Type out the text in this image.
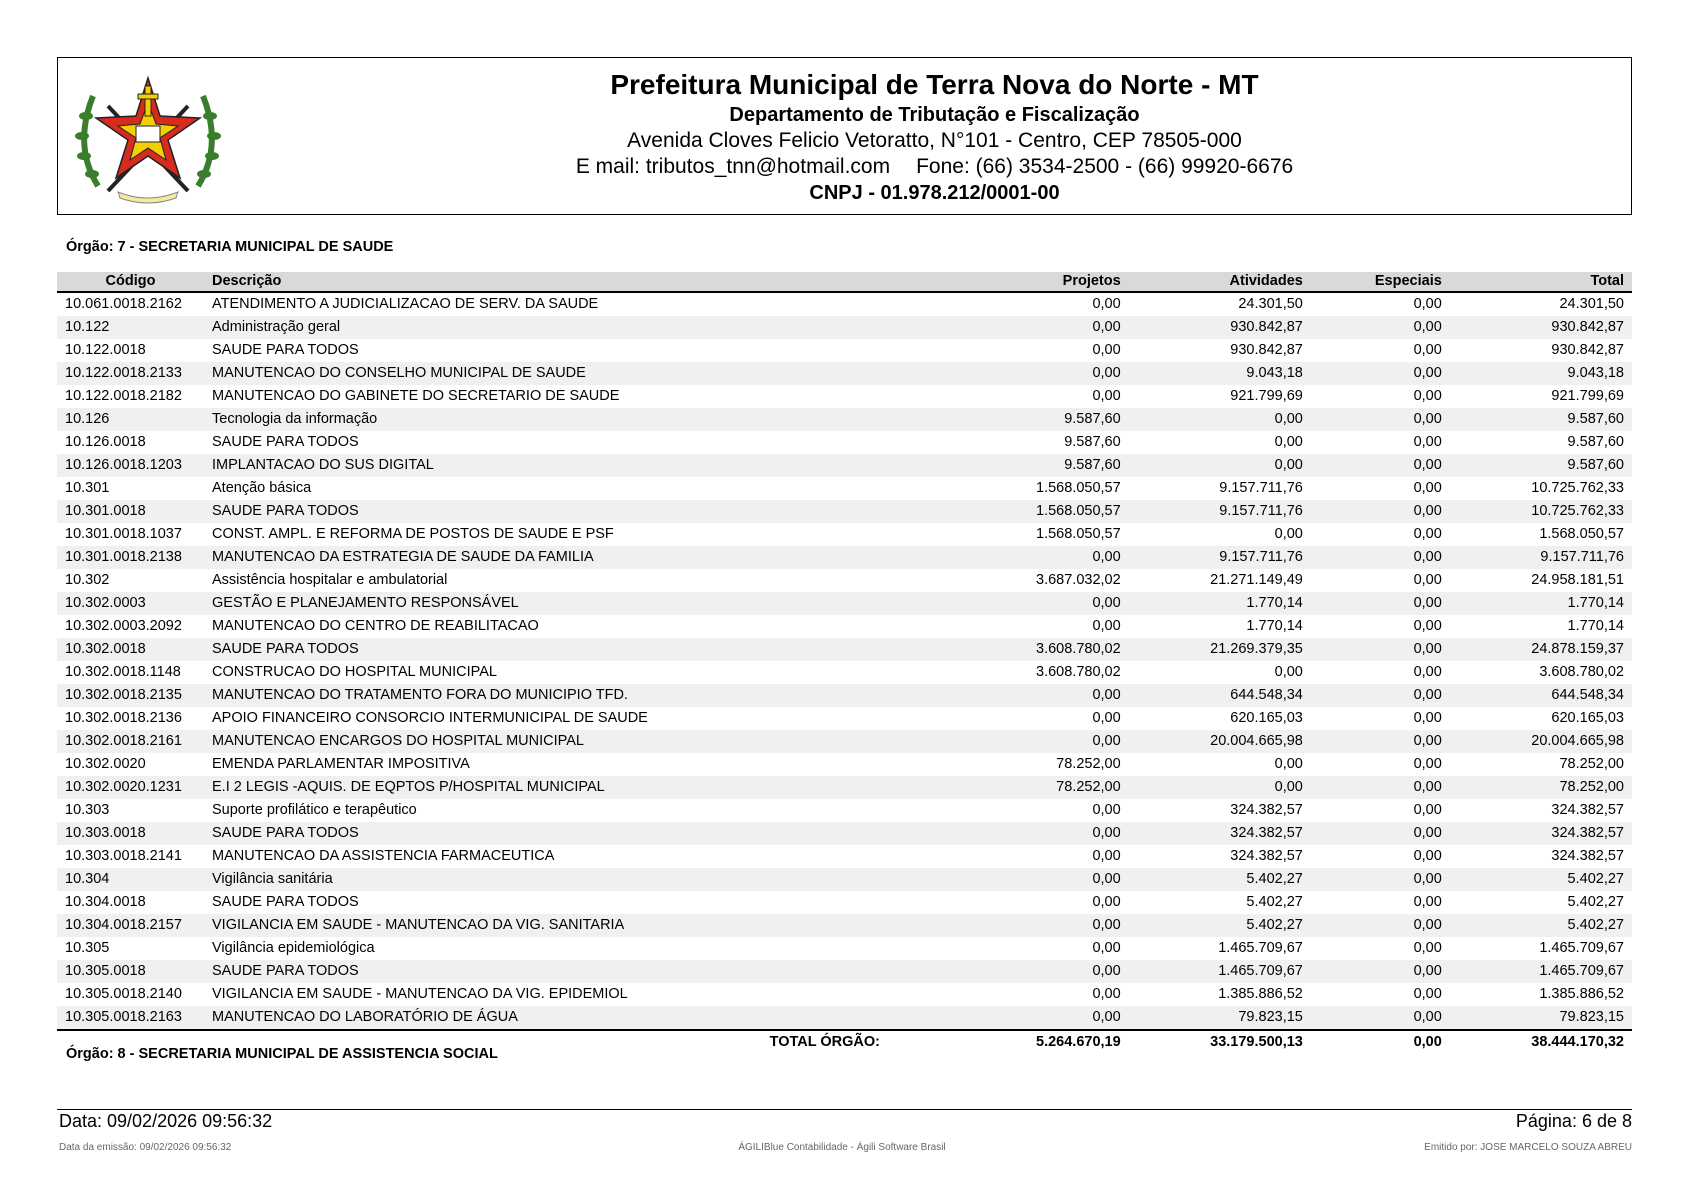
Prefeitura Municipal de Terra Nova do Norte - MT
Departamento de Tributação e Fiscalização
Avenida Cloves Felicio Vetoratto, N°101 - Centro, CEP 78505-000
E mail: tributos_tnn@hotmail.com Fone: (66) 3534-2500 - (66) 99920-6676
CNPJ - 01.978.212/0001-00
Órgão: 7 - SECRETARIA MUNICIPAL DE SAUDE
Código	Descrição	Projetos	Atividades	Especiais	Total
10.061.0018.2162	ATENDIMENTO A JUDICIALIZACAO DE SERV. DA SAUDE	0,00	24.301,50	0,00	24.301,50
10.122	Administração geral	0,00	930.842,87	0,00	930.842,87
10.122.0018	SAUDE PARA TODOS	0,00	930.842,87	0,00	930.842,87
10.122.0018.2133	MANUTENCAO DO CONSELHO MUNICIPAL DE SAUDE	0,00	9.043,18	0,00	9.043,18
10.122.0018.2182	MANUTENCAO DO GABINETE DO SECRETARIO DE SAUDE	0,00	921.799,69	0,00	921.799,69
10.126	Tecnologia da informação	9.587,60	0,00	0,00	9.587,60
10.126.0018	SAUDE PARA TODOS	9.587,60	0,00	0,00	9.587,60
10.126.0018.1203	IMPLANTACAO DO SUS DIGITAL	9.587,60	0,00	0,00	9.587,60
10.301	Atenção básica	1.568.050,57	9.157.711,76	0,00	10.725.762,33
10.301.0018	SAUDE PARA TODOS	1.568.050,57	9.157.711,76	0,00	10.725.762,33
10.301.0018.1037	CONST. AMPL. E REFORMA DE POSTOS DE SAUDE E PSF	1.568.050,57	0,00	0,00	1.568.050,57
10.301.0018.2138	MANUTENCAO DA ESTRATEGIA DE SAUDE DA FAMILIA	0,00	9.157.711,76	0,00	9.157.711,76
10.302	Assistência hospitalar e ambulatorial	3.687.032,02	21.271.149,49	0,00	24.958.181,51
10.302.0003	GESTÃO E PLANEJAMENTO RESPONSÁVEL	0,00	1.770,14	0,00	1.770,14
10.302.0003.2092	MANUTENCAO DO CENTRO DE REABILITACAO	0,00	1.770,14	0,00	1.770,14
10.302.0018	SAUDE PARA TODOS	3.608.780,02	21.269.379,35	0,00	24.878.159,37
10.302.0018.1148	CONSTRUCAO DO HOSPITAL MUNICIPAL	3.608.780,02	0,00	0,00	3.608.780,02
10.302.0018.2135	MANUTENCAO DO TRATAMENTO FORA DO MUNICIPIO TFD.	0,00	644.548,34	0,00	644.548,34
10.302.0018.2136	APOIO FINANCEIRO CONSORCIO INTERMUNICIPAL DE SAUDE	0,00	620.165,03	0,00	620.165,03
10.302.0018.2161	MANUTENCAO ENCARGOS DO HOSPITAL MUNICIPAL	0,00	20.004.665,98	0,00	20.004.665,98
10.302.0020	EMENDA PARLAMENTAR IMPOSITIVA	78.252,00	0,00	0,00	78.252,00
10.302.0020.1231	E.I 2 LEGIS -AQUIS. DE EQPTOS P/HOSPITAL MUNICIPAL	78.252,00	0,00	0,00	78.252,00
10.303	Suporte profilático e terapêutico	0,00	324.382,57	0,00	324.382,57
10.303.0018	SAUDE PARA TODOS	0,00	324.382,57	0,00	324.382,57
10.303.0018.2141	MANUTENCAO DA ASSISTENCIA FARMACEUTICA	0,00	324.382,57	0,00	324.382,57
10.304	Vigilância sanitária	0,00	5.402,27	0,00	5.402,27
10.304.0018	SAUDE PARA TODOS	0,00	5.402,27	0,00	5.402,27
10.304.0018.2157	VIGILANCIA EM SAUDE - MANUTENCAO DA VIG. SANITARIA	0,00	5.402,27	0,00	5.402,27
10.305	Vigilância epidemiológica	0,00	1.465.709,67	0,00	1.465.709,67
10.305.0018	SAUDE PARA TODOS	0,00	1.465.709,67	0,00	1.465.709,67
10.305.0018.2140	VIGILANCIA EM SAUDE - MANUTENCAO DA VIG. EPIDEMIOL	0,00	1.385.886,52	0,00	1.385.886,52
10.305.0018.2163	MANUTENCAO DO LABORATÓRIO DE ÁGUA	0,00	79.823,15	0,00	79.823,15
	TOTAL ÓRGÃO:	5.264.670,19	33.179.500,13	0,00	38.444.170,32
Órgão: 8 - SECRETARIA MUNICIPAL DE ASSISTENCIA SOCIAL
Data: 09/02/2026 09:56:32	Página: 6 de 8
Data da emissão: 09/02/2026 09:56:32	ÁGILIBlue Contabilidade - Ágili Software Brasil	Emitido por: JOSE MARCELO SOUZA ABREU
